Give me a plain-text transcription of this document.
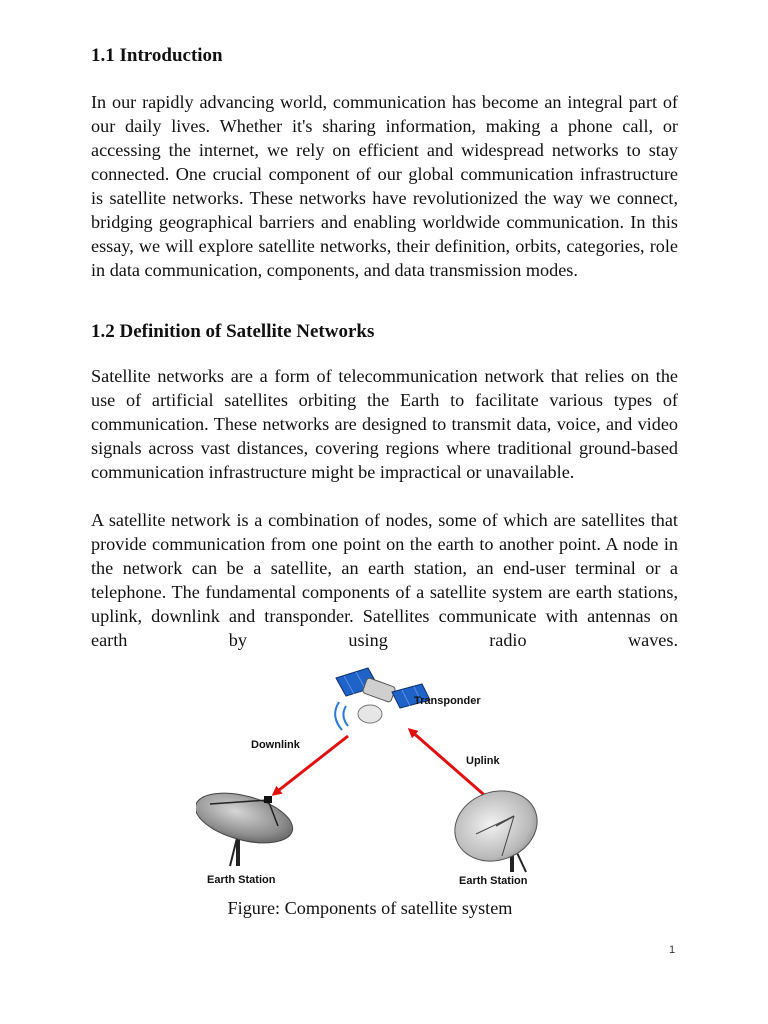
1.1 Introduction

In our rapidly advancing world, communication has become an integral part of our daily lives. Whether it's sharing information, making a phone call, or accessing the internet, we rely on efficient and widespread networks to stay connected. One crucial component of our global communication infrastructure is satellite networks. These networks have revolutionized the way we connect, bridging geographical barriers and enabling worldwide communication. In this essay, we will explore satellite networks, their definition, orbits, categories, role in data communication, components, and data transmission modes.

1.2 Definition of Satellite Networks

Satellite networks are a form of telecommunication network that relies on the use of artificial satellites orbiting the Earth to facilitate various types of communication. These networks are designed to transmit data, voice, and video signals across vast distances, covering regions where traditional ground-based communication infrastructure might be impractical or unavailable.

A satellite network is a combination of nodes, some of which are satellites that provide communication from one point on the earth to another point. A node in the network can be a satellite, an earth station, an end-user terminal or a telephone. The fundamental components of a satellite system are earth stations, uplink, downlink and transponder. Satellites communicate with antennas on earth by using radio waves.

Transponder
Downlink
Uplink
Earth Station	Earth Station
Figure: Components of satellite system
1
